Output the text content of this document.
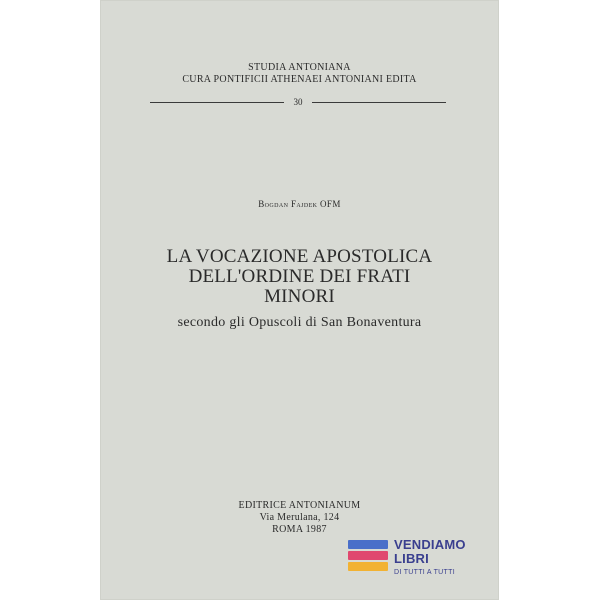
STUDIA ANTONIANA
CURA PONTIFICII ATHENAEI ANTONIANI EDITA
30
Bogdan Fajdek OFM
LA VOCAZIONE APOSTOLICA
DELL'ORDINE DEI FRATI
MINORI
secondo gli Opuscoli di San Bonaventura
EDITRICE ANTONIANUM
Via Merulana, 124
ROMA 1987
VENDIAMO
LIBRI
DI TUTTI A TUTTI
